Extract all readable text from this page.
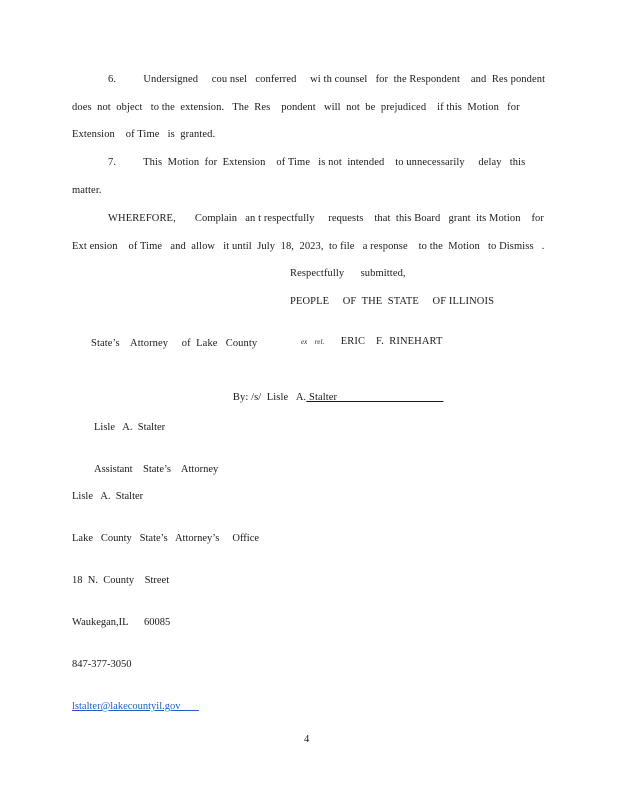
6.          Undersigned     cou nsel   conferred     wi th counsel   for  the Respondent    and  Res pondent
does  not  object   to the  extension.   The  Res    pondent   will  not  be  prejudiced    if this  Motion   for
Extension    of Time   is  granted.
7.          This  Motion  for  Extension    of Time   is not  intended    to unnecessarily     delay   this
matter.
WHEREFORE,       Complain   an t respectfully     requests    that  this Board   grant  its Motion    for
Ext ension    of Time   and  allow   it until  July  18,  2023,  to file   a response    to the  Motion   to Dismiss   .
Respectfully      submitted,
PEOPLE     OF  THE  STATE     OF ILLINOIS

ex    rel. ERIC    F.  RINEHART

State’s    Attorney     of  Lake   County

By: /s/  Lisle   A. Stalter

Lisle   A.  Stalter

Assistant    State’s    Attorney

Lisle   A.  Stalter

Lake   County   State’s   Attorney’s     Office

18  N.  County    Street

Waukegan,IL      60085

847-377-3050

lstalter@lakecountyil.gov

4
